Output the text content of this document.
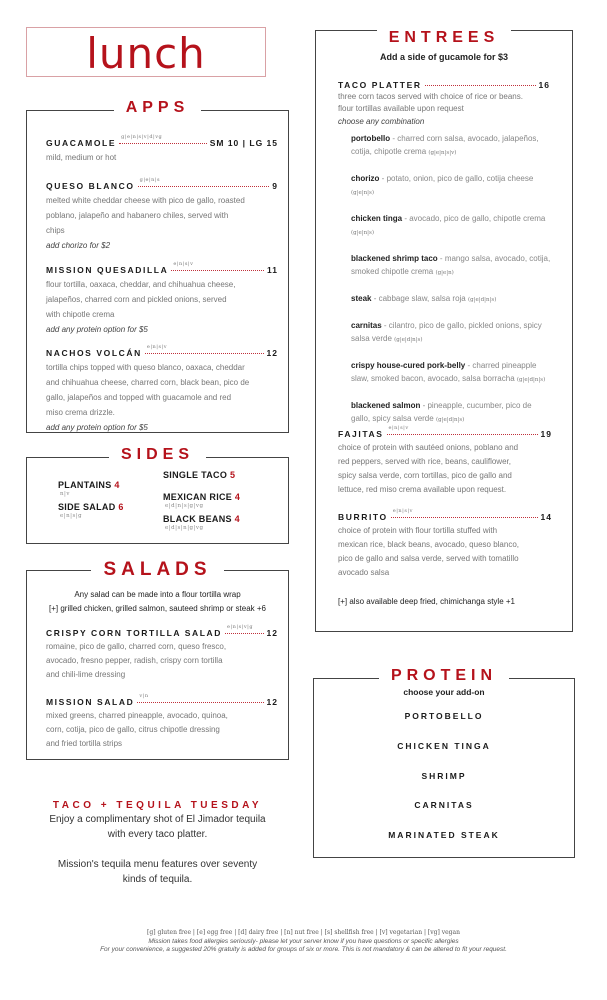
lunch
APPS
GUACAMOLE
g|e|n|s|v|d|vg
SM 10 | LG 15
mild, medium or hot
QUESO BLANCO
g|e|n|s
9
melted white cheddar cheese with pico de gallo, roasted
poblano, jalapeño and habanero chiles, served with
chips
add chorizo for $2
MISSION QUESADILLA
e|n|s|v
11
flour tortilla, oaxaca, cheddar, and chihuahua cheese,
jalapeños, charred corn and pickled onions, served
with chipotle crema
add any protein option for $5
NACHOS VOLCÁN
e|n|s|v
12
tortilla chips topped with queso blanco, oaxaca, cheddar
and chihuahua cheese, charred corn, black bean, pico de
gallo, jalapeños and topped with guacamole and red
miso crema drizzle.
add any protein option for $5
SIDES
PLANTAINS 4
n|v
SIDE SALAD 6
e|n|s|g
SINGLE TACO 5
MEXICAN RICE 4
e|d|n|s|g|vg
BLACK BEANS 4
e|d|s|n|g|vg
SALADS
Any salad can be made into a flour tortilla wrap
[+] grilled chicken, grilled salmon, sauteed shrimp or steak +6
CRISPY CORN TORTILLA SALAD
e|n|s|v|g
12
romaine, pico de gallo, charred corn, queso fresco,
avocado, fresno pepper, radish, crispy corn tortilla
and chili-lime dressing
MISSION SALAD
v|n
12
mixed greens, charred pineapple, avocado, quinoa,
corn, cotija, pico de gallo, citrus chipotle dressing
and fried tortilla strips
TACO + TEQUILA TUESDAY
Enjoy a complimentary shot of El Jimador tequila
with every taco platter.
Mission's tequila menu features over seventy
kinds of tequila.
ENTREES
Add a side of gucamole for $3
TACO PLATTER	16
three corn tacos served with choice of rice or beans.
flour tortillas available upon request
choose any combination
portobello - charred corn salsa, avocado, jalapeños, cotija, chipotle crema (g|e|n|s|v)
chorizo - potato, onion, pico de gallo, cotija cheese (g|e|n|s)
chicken tinga - avocado, pico de gallo, chipotle crema (g|e|n|s)
blackened shrimp taco - mango salsa, avocado, cotija, smoked chipotle crema (g|e|n)
steak - cabbage slaw, salsa roja (g|e|d|n|s)
carnitas - cilantro, pico de gallo, pickled onions, spicy salsa verde (g|e|d|n|s)
crispy house-cured pork-belly - charred pineapple slaw, smoked bacon, avocado, salsa borracha (g|e|d|n|s)
blackened salmon - pineapple, cucumber, pico de gallo, spicy salsa verde (g|e|d|n|s)
FAJITAS
e|n|s|v
19
choice of protein with sautéed onions, poblano and
red peppers, served with rice, beans, cauliflower,
spicy salsa verde, corn tortillas, pico de gallo and
lettuce, red miso crema available upon request.
BURRITO
e|n|s|v
14
choice of protein with flour tortilla stuffed with
mexican rice, black beans, avocado, queso blanco,
pico de gallo and salsa verde, served with tomatillo
avocado salsa
[+] also available deep fried, chimichanga style +1
PROTEIN
choose your add-on
PORTOBELLO
CHICKEN TINGA
SHRIMP
CARNITAS
MARINATED STEAK
[g] gluten free | [e] egg free | [d] dairy free | [n] nut free | [s] shellfish free | [v] vegetarian | [vg] vegan
Mission takes food allergies seriously- please let your server know if you have questions or specific allergies
For your convenience, a suggested 20% gratuity is added for groups of six or more. This is not mandatory & can be altered to fit your request.
